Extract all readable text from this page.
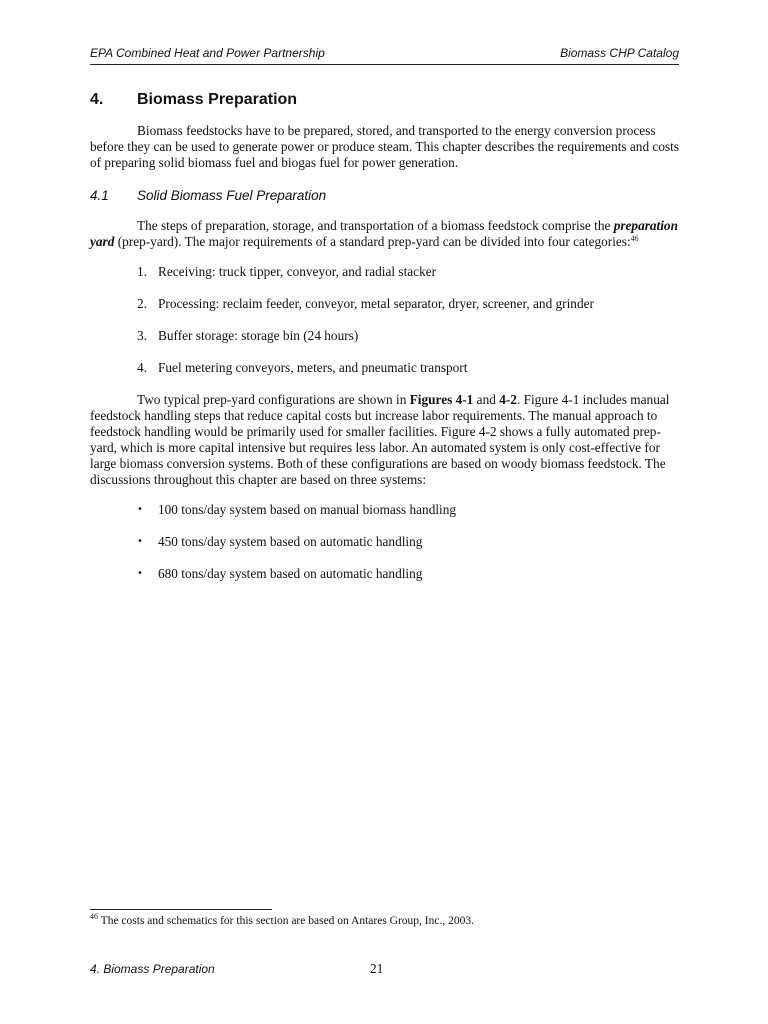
EPA Combined Heat and Power Partnership	Biomass CHP Catalog
4.	Biomass Preparation

Biomass feedstocks have to be prepared, stored, and transported to the energy conversion process before they can be used to generate power or produce steam. This chapter describes the requirements and costs of preparing solid biomass fuel and biogas fuel for power generation.

4.1	Solid Biomass Fuel Preparation

The steps of preparation, storage, and transportation of a biomass feedstock comprise the preparation yard (prep-yard). The major requirements of a standard prep-yard can be divided into four categories:$^{46}$

1. Receiving: truck tipper, conveyor, and radial stacker
2. Processing: reclaim feeder, conveyor, metal separator, dryer, screener, and grinder
3. Buffer storage: storage bin (24 hours)
4. Fuel metering conveyors, meters, and pneumatic transport

Two typical prep-yard configurations are shown in Figures 4-1 and 4-2. Figure 4-1 includes manual feedstock handling steps that reduce capital costs but increase labor requirements. The manual approach to feedstock handling would be primarily used for smaller facilities. Figure 4-2 shows a fully automated prep-yard, which is more capital intensive but requires less labor. An automated system is only cost-effective for large biomass conversion systems. Both of these configurations are based on woody biomass feedstock. The discussions throughout this chapter are based on three systems:

•	100 tons/day system based on manual biomass handling
•	450 tons/day system based on automatic handling
•	680 tons/day system based on automatic handling
$^{46}$ The costs and schematics for this section are based on Antares Group, Inc., 2003.
4. Biomass Preparation	21
